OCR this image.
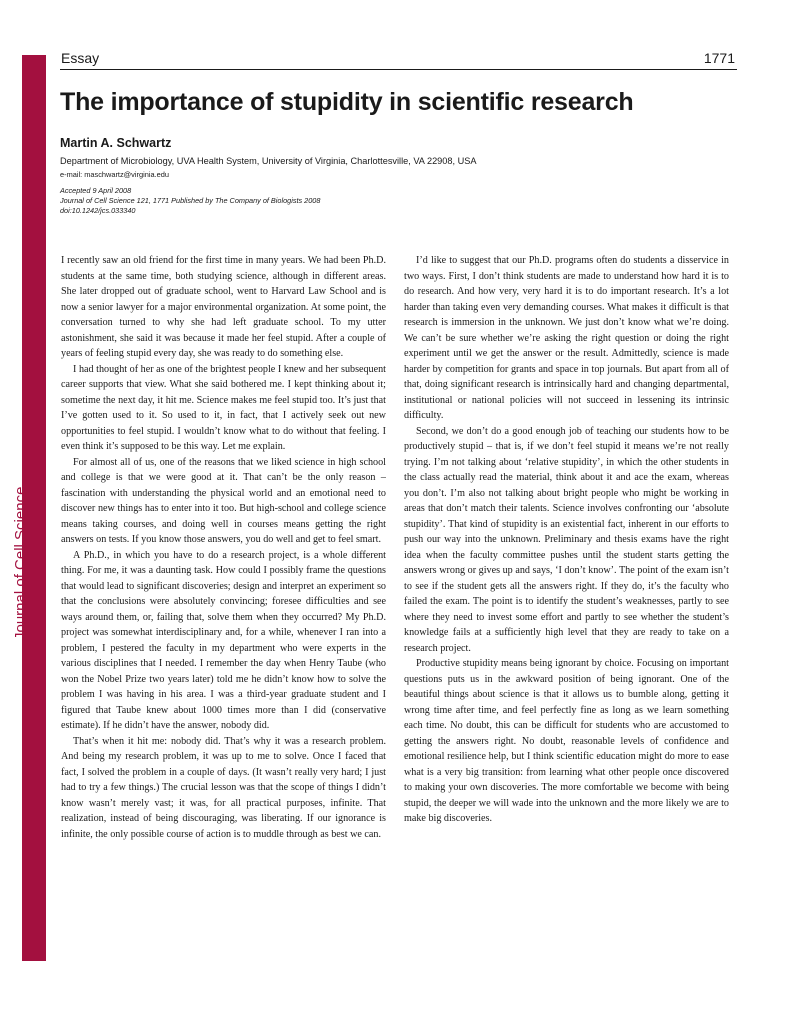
Journal of Cell Science
Essay	1771
The importance of stupidity in scientific research
Martin A. Schwartz
Department of Microbiology, UVA Health System, University of Virginia, Charlottesville, VA 22908, USA
e-mail: maschwartz@virginia.edu
Accepted 9 April 2008
Journal of Cell Science 121, 1771 Published by The Company of Biologists 2008
doi:10.1242/jcs.033340

I recently saw an old friend for the first time in many years. We had been Ph.D. students at the same time, both studying science, although in different areas. She later dropped out of graduate school, went to Harvard Law School and is now a senior lawyer for a major environmental organization. At some point, the conversation turned to why she had left graduate school. To my utter astonishment, she said it was because it made her feel stupid. After a couple of years of feeling stupid every day, she was ready to do something else.

I had thought of her as one of the brightest people I knew and her subsequent career supports that view. What she said bothered me. I kept thinking about it; sometime the next day, it hit me. Science makes me feel stupid too. It’s just that I’ve gotten used to it. So used to it, in fact, that I actively seek out new opportunities to feel stupid. I wouldn’t know what to do without that feeling. I even think it’s supposed to be this way. Let me explain.

For almost all of us, one of the reasons that we liked science in high school and college is that we were good at it. That can’t be the only reason – fascination with understanding the physical world and an emotional need to discover new things has to enter into it too. But high-school and college science means taking courses, and doing well in courses means getting the right answers on tests. If you know those answers, you do well and get to feel smart.

A Ph.D., in which you have to do a research project, is a whole different thing. For me, it was a daunting task. How could I possibly frame the questions that would lead to significant discoveries; design and interpret an experiment so that the conclusions were absolutely convincing; foresee difficulties and see ways around them, or, failing that, solve them when they occurred? My Ph.D. project was somewhat interdisciplinary and, for a while, whenever I ran into a problem, I pestered the faculty in my department who were experts in the various disciplines that I needed. I remember the day when Henry Taube (who won the Nobel Prize two years later) told me he didn’t know how to solve the problem I was having in his area. I was a third-year graduate student and I figured that Taube knew about 1000 times more than I did (conservative estimate). If he didn’t have the answer, nobody did.

That’s when it hit me: nobody did. That’s why it was a research problem. And being my research problem, it was up to me to solve. Once I faced that fact, I solved the problem in a couple of days. (It wasn’t really very hard; I just had to try a few things.) The crucial lesson was that the scope of things I didn’t know wasn’t merely vast; it was, for all practical purposes, infinite. That realization, instead of being discouraging, was liberating. If our ignorance is infinite, the only possible course of action is to muddle through as best we can.

I’d like to suggest that our Ph.D. programs often do students a disservice in two ways. First, I don’t think students are made to understand how hard it is to do research. And how very, very hard it is to do important research. It’s a lot harder than taking even very demanding courses. What makes it difficult is that research is immersion in the unknown. We just don’t know what we’re doing. We can’t be sure whether we’re asking the right question or doing the right experiment until we get the answer or the result. Admittedly, science is made harder by competition for grants and space in top journals. But apart from all of that, doing significant research is intrinsically hard and changing departmental, institutional or national policies will not succeed in lessening its intrinsic difficulty.

Second, we don’t do a good enough job of teaching our students how to be productively stupid – that is, if we don’t feel stupid it means we’re not really trying. I’m not talking about ‘relative stupidity’, in which the other students in the class actually read the material, think about it and ace the exam, whereas you don’t. I’m also not talking about bright people who might be working in areas that don’t match their talents. Science involves confronting our ‘absolute stupidity’. That kind of stupidity is an existential fact, inherent in our efforts to push our way into the unknown. Preliminary and thesis exams have the right idea when the faculty committee pushes until the student starts getting the answers wrong or gives up and says, ‘I don’t know’. The point of the exam isn’t to see if the student gets all the answers right. If they do, it’s the faculty who failed the exam. The point is to identify the student’s weaknesses, partly to see where they need to invest some effort and partly to see whether the student’s knowledge fails at a sufficiently high level that they are ready to take on a research project.

Productive stupidity means being ignorant by choice. Focusing on important questions puts us in the awkward position of being ignorant. One of the beautiful things about science is that it allows us to bumble along, getting it wrong time after time, and feel perfectly fine as long as we learn something each time. No doubt, this can be difficult for students who are accustomed to getting the answers right. No doubt, reasonable levels of confidence and emotional resilience help, but I think scientific education might do more to ease what is a very big transition: from learning what other people once discovered to making your own discoveries. The more comfortable we become with being stupid, the deeper we will wade into the unknown and the more likely we are to make big discoveries.
